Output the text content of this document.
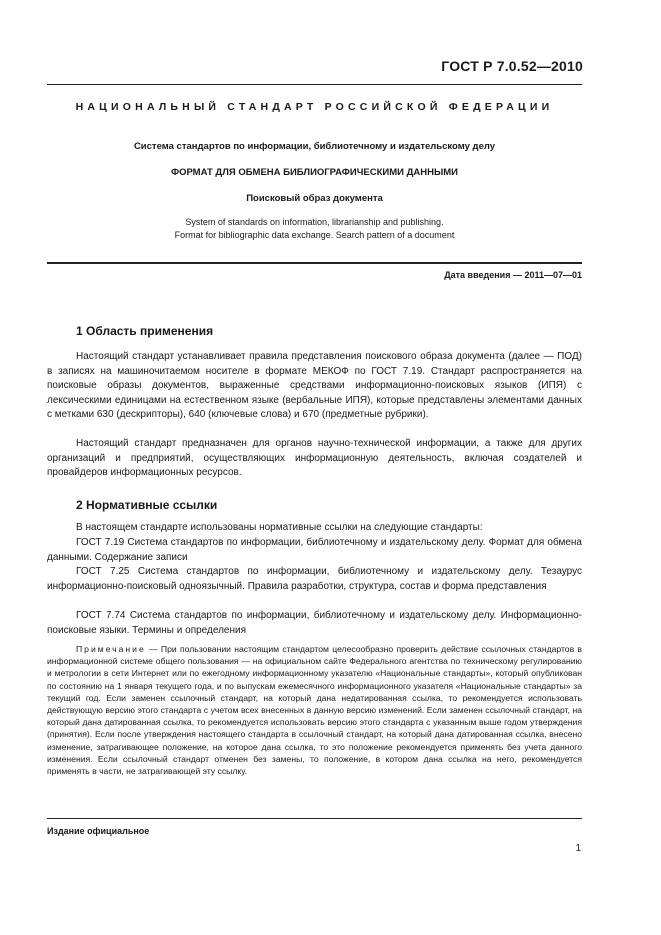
ГОСТ Р 7.0.52—2010
НАЦИОНАЛЬНЫЙ СТАНДАРТ РОССИЙСКОЙ ФЕДЕРАЦИИ
Система стандартов по информации, библиотечному и издательскому делу
ФОРМАТ ДЛЯ ОБМЕНА БИБЛИОГРАФИЧЕСКИМИ ДАННЫМИ
Поисковый образ документа
System of standards on information, librarianship and publishing.
Format for bibliographic data exchange. Search pattern of a document
Дата введения — 2011—07—01
1 Область применения
Настоящий стандарт устанавливает правила представления поискового образа документа (далее — ПОД) в записях на машиночитаемом носителе в формате МЕКОФ по ГОСТ 7.19. Стандарт распространяется на поисковые образы документов, выраженные средствами информационно-поисковых языков (ИПЯ) с лексическими единицами на естественном языке (вербальные ИПЯ), которые представлены элементами данных с метками 630 (дескрипторы), 640 (ключевые слова) и 670 (предметные рубрики).
Настоящий стандарт предназначен для органов научно-технической информации, а также для других организаций и предприятий, осуществляющих информационную деятельность, включая создателей и провайдеров информационных ресурсов.
2 Нормативные ссылки
В настоящем стандарте использованы нормативные ссылки на следующие стандарты:
ГОСТ 7.19 Система стандартов по информации, библиотечному и издательскому делу. Формат для обмена данными. Содержание записи
ГОСТ 7.25 Система стандартов по информации, библиотечному и издательскому делу. Тезаурус информационно-поисковый одноязычный. Правила разработки, структура, состав и форма представления
ГОСТ 7.74 Система стандартов по информации, библиотечному и издательскому делу. Информационно-поисковые языки. Термины и определения
Примечание — При пользовании настоящим стандартом целесообразно проверить действие ссылочных стандартов в информационной системе общего пользования — на официальном сайте Федерального агентства по техническому регулированию и метрологии в сети Интернет или по ежегодному информационному указателю «Национальные стандарты», который опубликован по состоянию на 1 января текущего года, и по выпускам ежемесячного информационного указателя «Национальные стандарты» за текущий год. Если заменен ссылочный стандарт, на который дана недатированная ссылка, то рекомендуется использовать действующую версию этого стандарта с учетом всех внесенных в данную версию изменений. Если заменен ссылочный стандарт, на который дана датированная ссылка, то рекомендуется использовать версию этого стандарта с указанным выше годом утверждения (принятия). Если после утверждения настоящего стандарта в ссылочный стандарт, на который дана датированная ссылка, внесено изменение, затрагивающее положение, на которое дана ссылка, то это положение рекомендуется применять без учета данного изменения. Если ссылочный стандарт отменен без замены, то положение, в котором дана ссылка на него, рекомендуется применять в части, не затрагивающей эту ссылку.
Издание официальное
1
